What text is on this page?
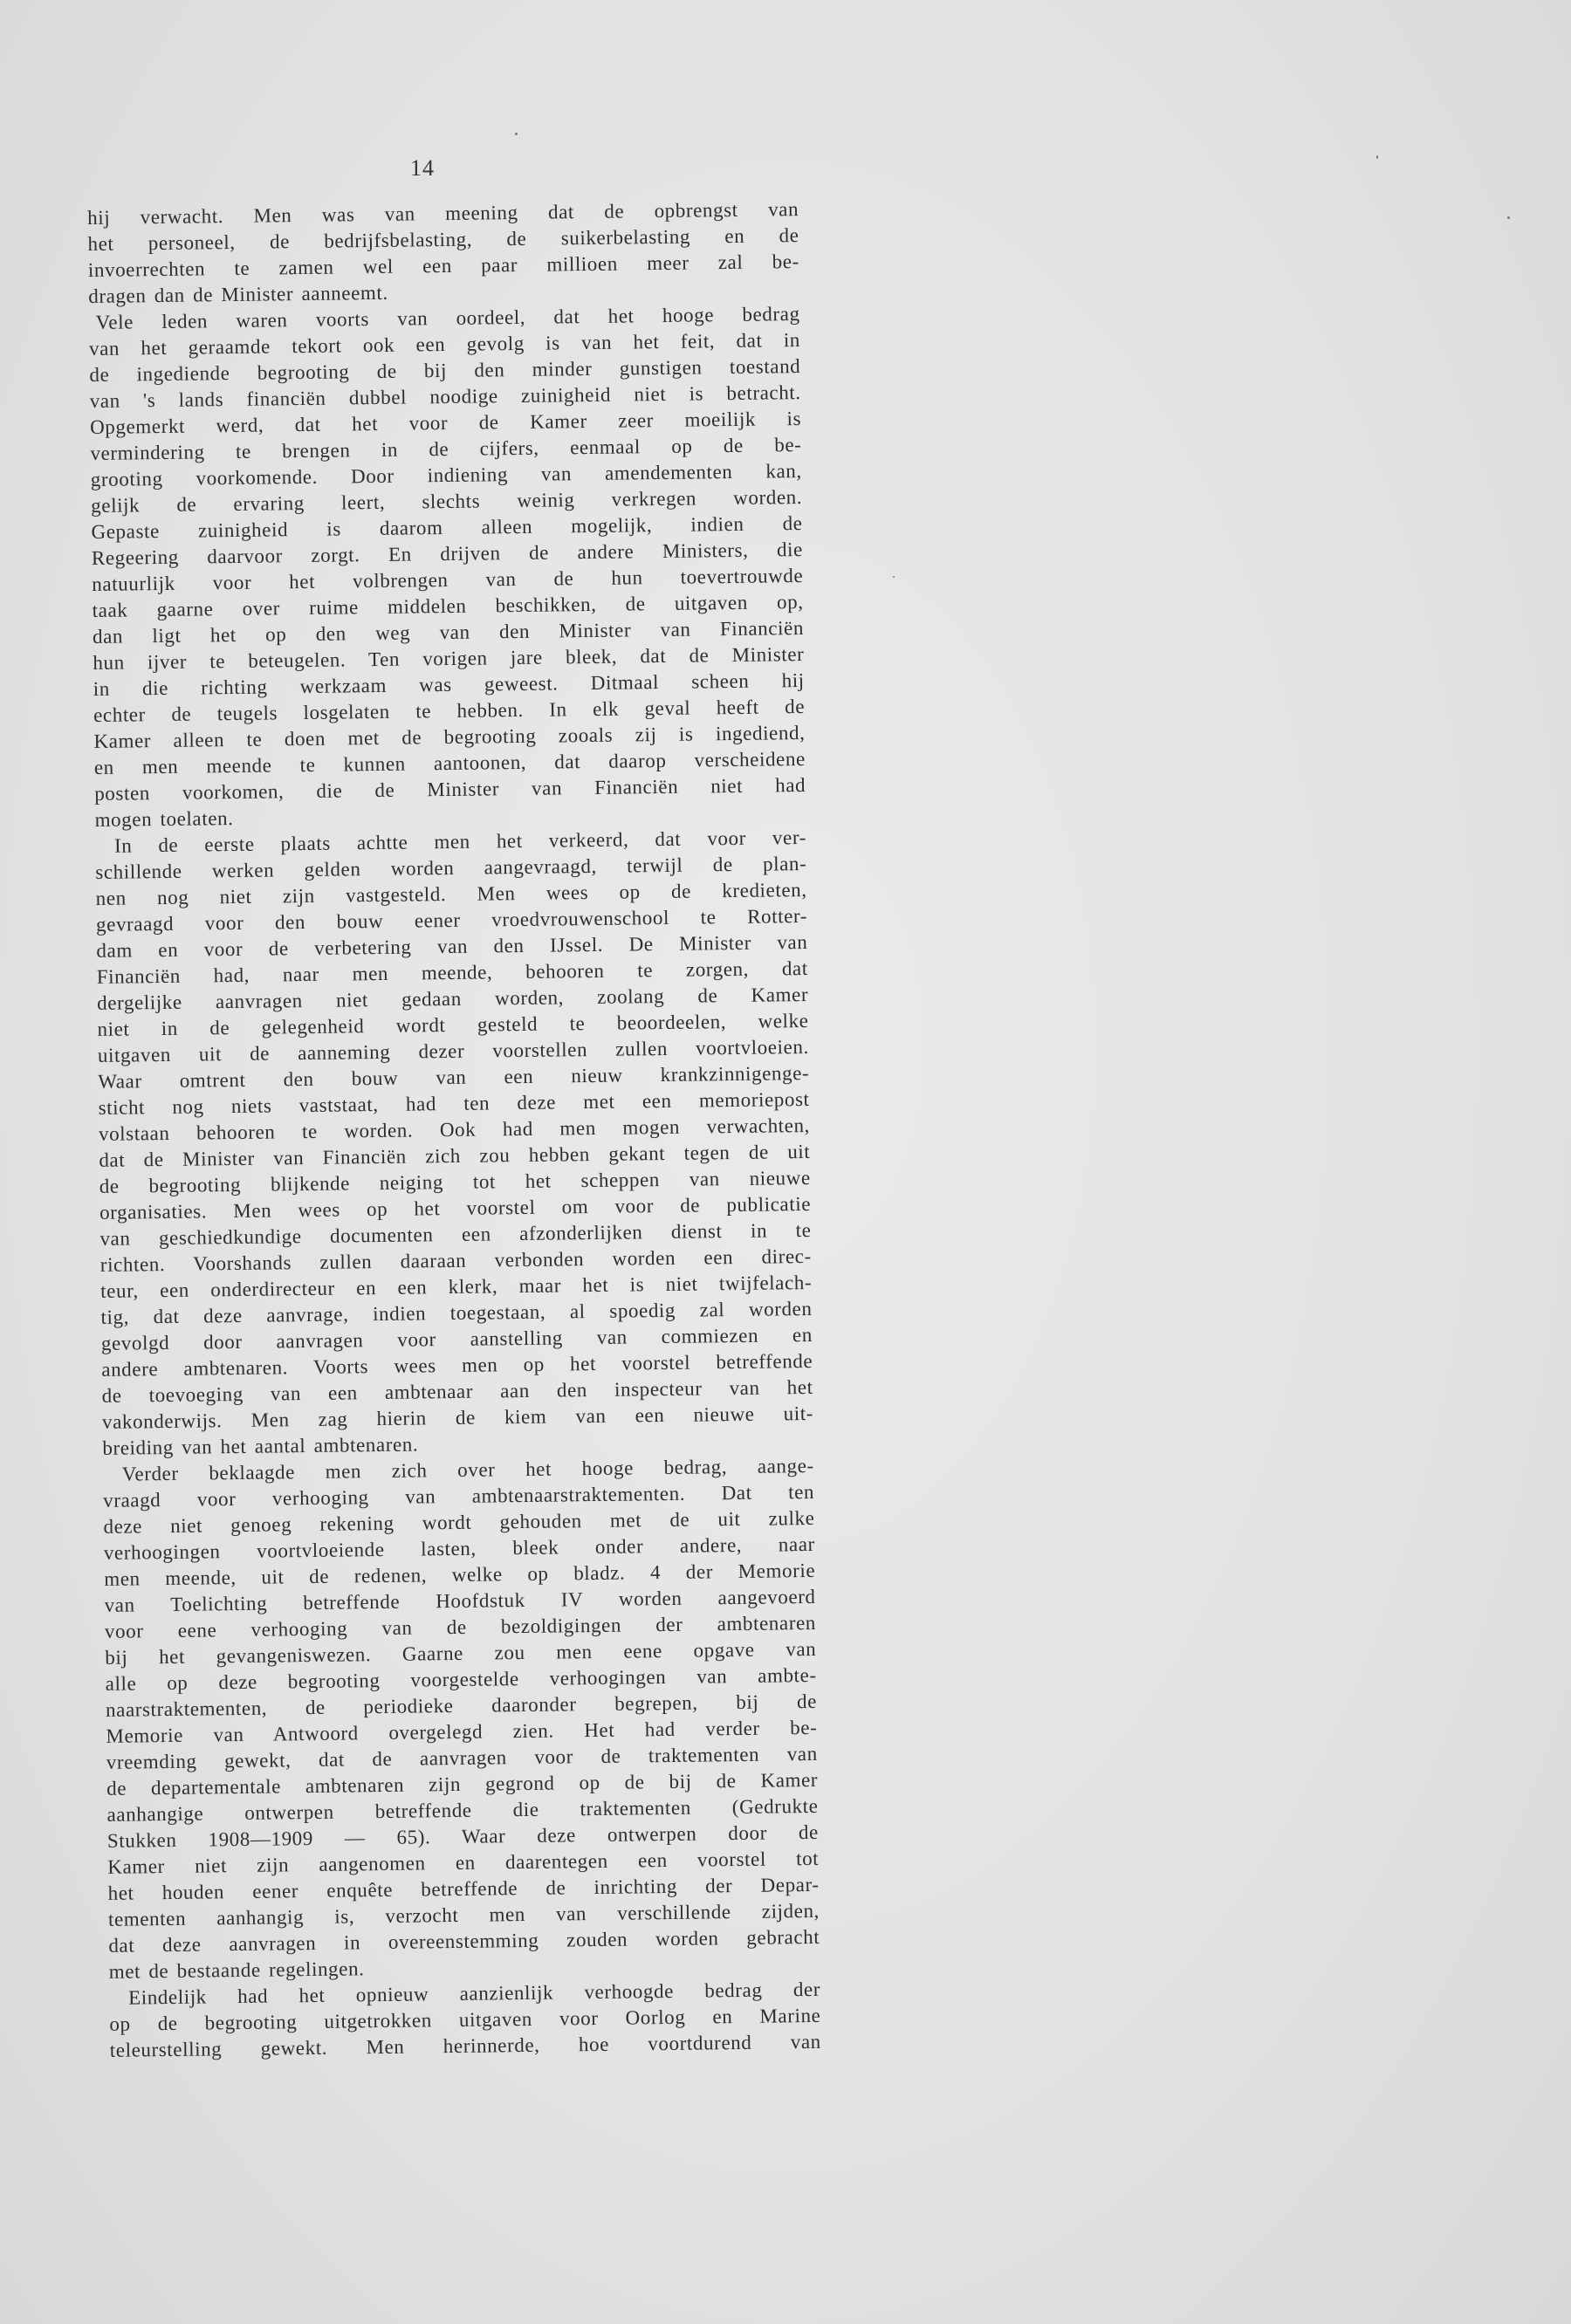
14
hij verwacht. Men was van meening dat de opbrengst van
het personeel, de bedrijfsbelasting, de suikerbelasting en de
invoerrechten te zamen wel een paar millioen meer zal be-
dragen dan de Minister aanneemt.
Vele leden waren voorts van oordeel, dat het hooge bedrag
van het geraamde tekort ook een gevolg is van het feit, dat in
de ingediende begrooting de bij den minder gunstigen toestand
van 's lands financiën dubbel noodige zuinigheid niet is betracht.
Opgemerkt werd, dat het voor de Kamer zeer moeilijk is
vermindering te brengen in de cijfers, eenmaal op de be-
grooting voorkomende. Door indiening van amendementen kan,
gelijk de ervaring leert, slechts weinig verkregen worden.
Gepaste zuinigheid is daarom alleen mogelijk, indien de
Regeering daarvoor zorgt. En drijven de andere Ministers, die
natuurlijk voor het volbrengen van de hun toevertrouwde
taak gaarne over ruime middelen beschikken, de uitgaven op,
dan ligt het op den weg van den Minister van Financiën
hun ijver te beteugelen. Ten vorigen jare bleek, dat de Minister
in die richting werkzaam was geweest. Ditmaal scheen hij
echter de teugels losgelaten te hebben. In elk geval heeft de
Kamer alleen te doen met de begrooting zooals zij is ingediend,
en men meende te kunnen aantoonen, dat daarop verscheidene
posten voorkomen, die de Minister van Financiën niet had
mogen toelaten.
In de eerste plaats achtte men het verkeerd, dat voor ver-
schillende werken gelden worden aangevraagd, terwijl de plan-
nen nog niet zijn vastgesteld. Men wees op de kredieten,
gevraagd voor den bouw eener vroedvrouwenschool te Rotter-
dam en voor de verbetering van den IJssel. De Minister van
Financiën had, naar men meende, behooren te zorgen, dat
dergelijke aanvragen niet gedaan worden, zoolang de Kamer
niet in de gelegenheid wordt gesteld te beoordeelen, welke
uitgaven uit de aanneming dezer voorstellen zullen voortvloeien.
Waar omtrent den bouw van een nieuw krankzinnigenge-
sticht nog niets vaststaat, had ten deze met een memoriepost
volstaan behooren te worden. Ook had men mogen verwachten,
dat de Minister van Financiën zich zou hebben gekant tegen de uit
de begrooting blijkende neiging tot het scheppen van nieuwe
organisaties. Men wees op het voorstel om voor de publicatie
van geschiedkundige documenten een afzonderlijken dienst in te
richten. Voorshands zullen daaraan verbonden worden een direc-
teur, een onderdirecteur en een klerk, maar het is niet twijfelach-
tig, dat deze aanvrage, indien toegestaan, al spoedig zal worden
gevolgd door aanvragen voor aanstelling van commiezen en
andere ambtenaren. Voorts wees men op het voorstel betreffende
de toevoeging van een ambtenaar aan den inspecteur van het
vakonderwijs. Men zag hierin de kiem van een nieuwe uit-
breiding van het aantal ambtenaren.
Verder beklaagde men zich over het hooge bedrag, aange-
vraagd voor verhooging van ambtenaarstraktementen. Dat ten
deze niet genoeg rekening wordt gehouden met de uit zulke
verhoogingen voortvloeiende lasten, bleek onder andere, naar
men meende, uit de redenen, welke op bladz. 4 der Memorie
van Toelichting betreffende Hoofdstuk IV worden aangevoerd
voor eene verhooging van de bezoldigingen der ambtenaren
bij het gevangeniswezen. Gaarne zou men eene opgave van
alle op deze begrooting voorgestelde verhoogingen van ambte-
naarstraktementen, de periodieke daaronder begrepen, bij de
Memorie van Antwoord overgelegd zien. Het had verder be-
vreemding gewekt, dat de aanvragen voor de traktementen van
de departementale ambtenaren zijn gegrond op de bij de Kamer
aanhangige ontwerpen betreffende die traktementen (Gedrukte
Stukken 1908—1909 — 65). Waar deze ontwerpen door de
Kamer niet zijn aangenomen en daarentegen een voorstel tot
het houden eener enquête betreffende de inrichting der Depar-
tementen aanhangig is, verzocht men van verschillende zijden,
dat deze aanvragen in overeenstemming zouden worden gebracht
met de bestaande regelingen.
Eindelijk had het opnieuw aanzienlijk verhoogde bedrag der
op de begrooting uitgetrokken uitgaven voor Oorlog en Marine
teleurstelling gewekt. Men herinnerde, hoe voortdurend van
